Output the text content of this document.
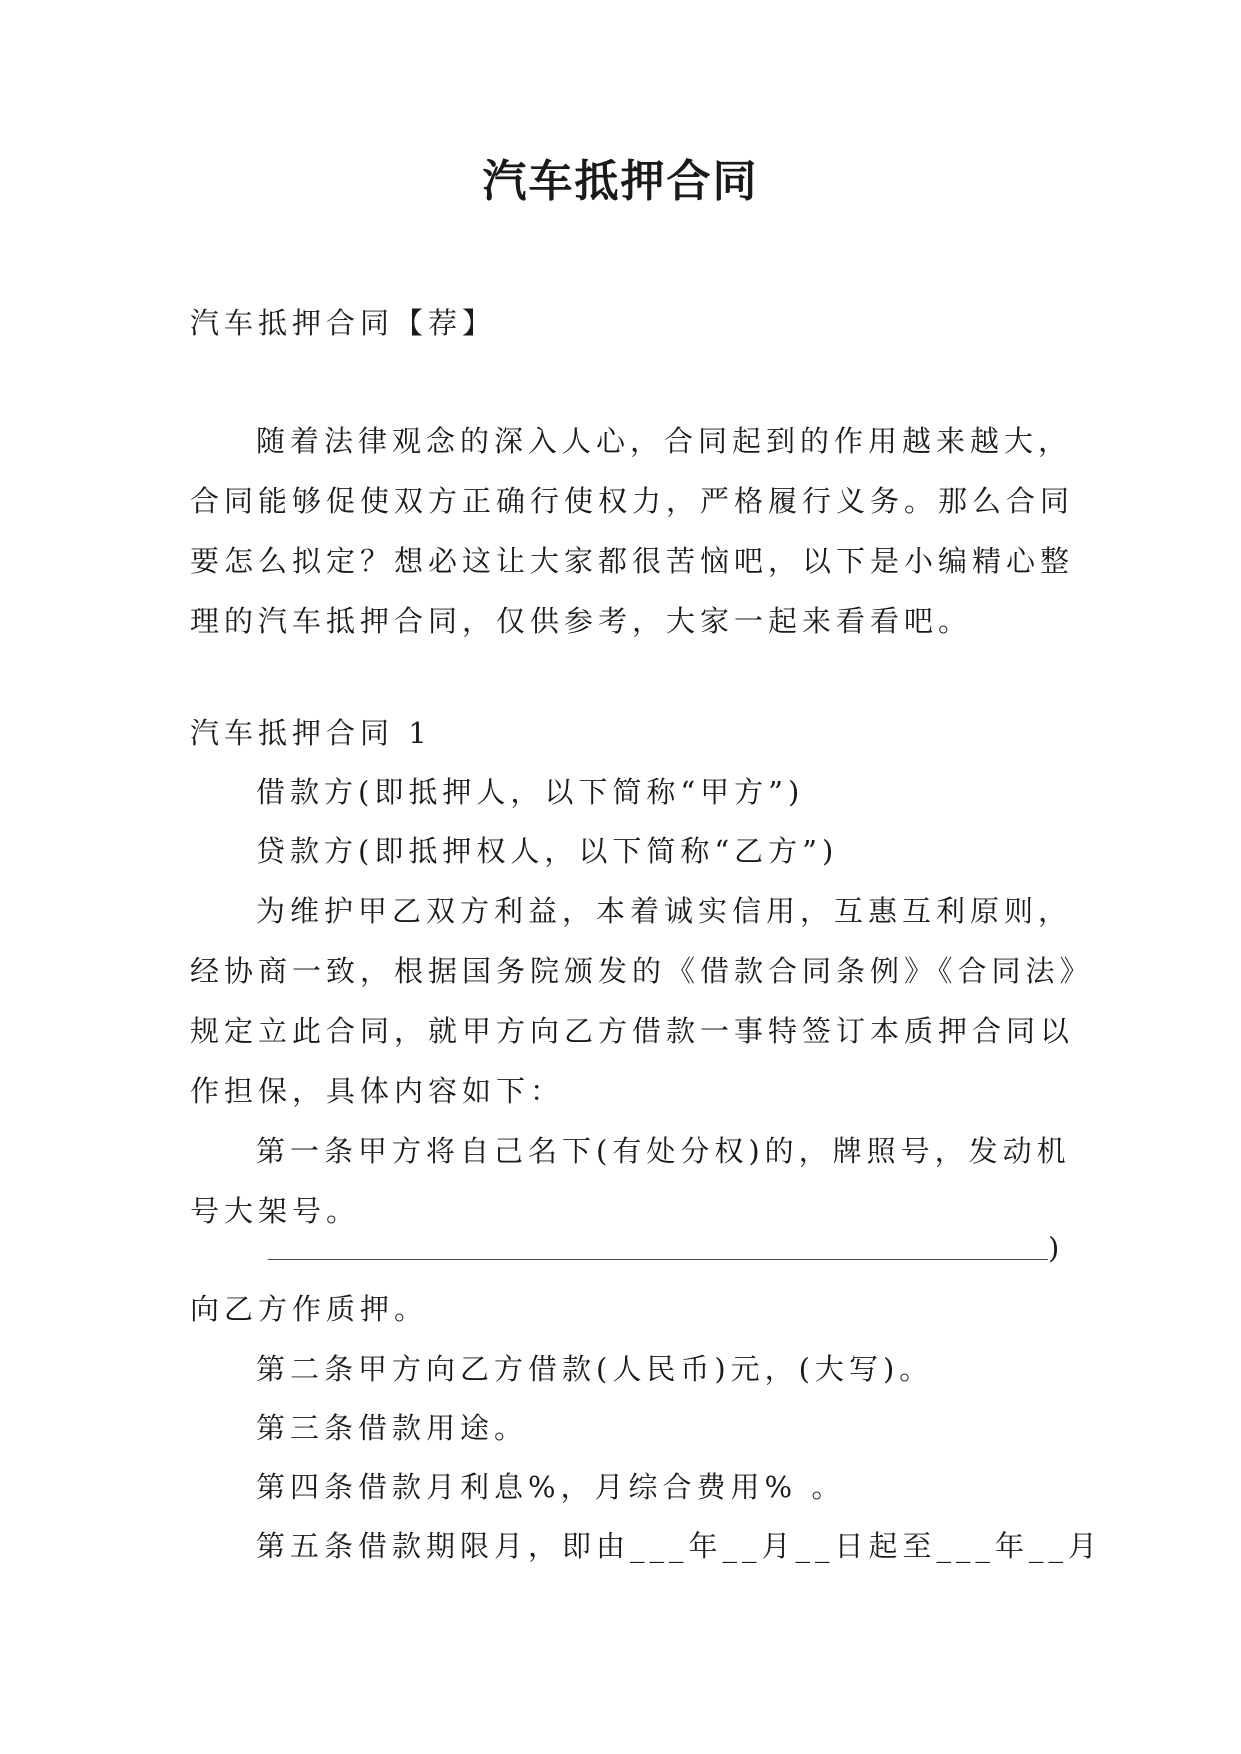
汽车抵押合同
汽车抵押合同【荐】
随着法律观念的深入人心，合同起到的作用越来越大，
合同能够促使双方正确行使权力，严格履行义务。那么合同
要怎么拟定？想必这让大家都很苦恼吧，以下是小编精心整
理的汽车抵押合同，仅供参考，大家一起来看看吧。
汽车抵押合同 1
借款方(即抵押人，以下简称“甲方”)
贷款方(即抵押权人，以下简称“乙方”)
为维护甲乙双方利益，本着诚实信用，互惠互利原则，
经协商一致，根据国务院颁发的《借款合同条例》《合同法》
规定立此合同，就甲方向乙方借款一事特签订本质押合同以
作担保，具体内容如下：
第一条甲方将自己名下(有处分权)的，牌照号，发动机
号大架号。
)
向乙方作质押。
第二条甲方向乙方借款(人民币)元，(大写)。
第三条借款用途。
第四条借款月利息%，月综合费用% 。
第五条借款期限月，即由___年__月__日起至___年__月
